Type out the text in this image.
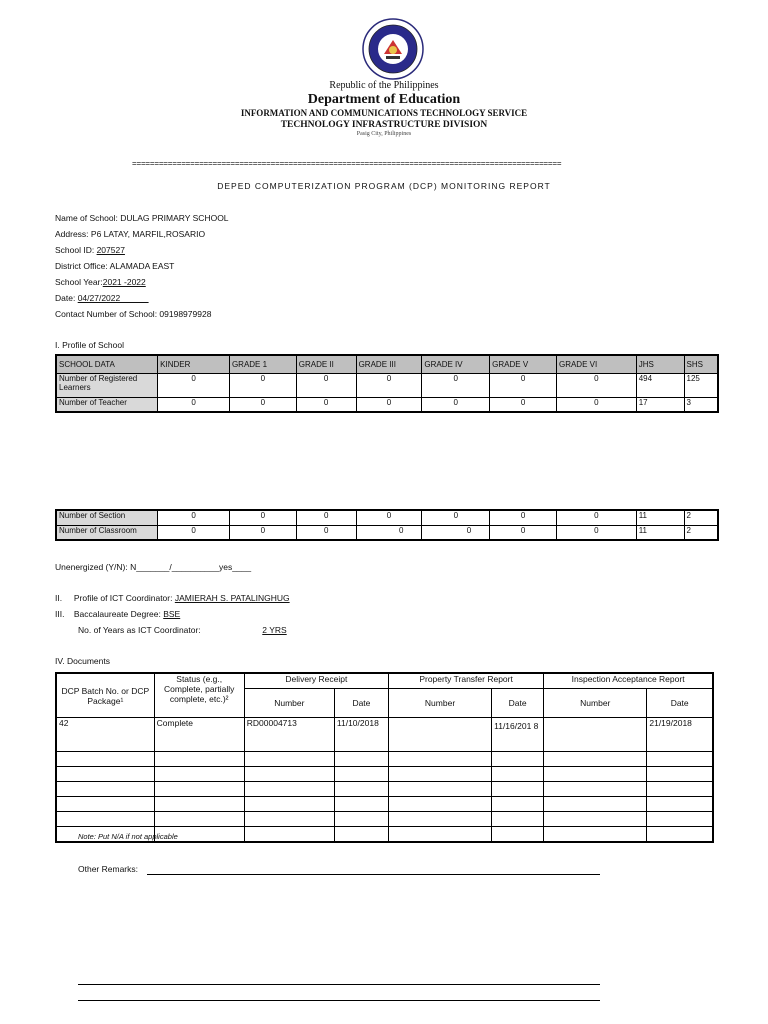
Republic of the Philippines
Department of Education
INFORMATION AND COMMUNICATIONS TECHNOLOGY SERVICE
TECHNOLOGY INFRASTRUCTURE DIVISION
Pasig City, Philippines
================================================================================================
DEPED COMPUTERIZATION PROGRAM (DCP) MONITORING REPORT
Name of School: DULAG PRIMARY SCHOOL
Address: P6 LATAY, MARFIL,ROSARIO
School ID: 207527
District Office: ALAMADA EAST
School Year:2021 -2022
Date: 04/27/2022
Contact Number of School: 09198979928
I. Profile of School
SCHOOL DATA	KINDER	GRADE 1	GRADE II	GRADE III	GRADE IV	GRADE V	GRADE VI	JHS	SHS
Number of Registered Learners	0	0	0	0	0	0	0	494	125
Number of Teacher	0	0	0	0	0	0	0	17	3
Number of Section	0	0	0	0	0	0	0	11	2
Number of Classroom	0	0	0	0	0	0	0	11	2
Unenergized (Y/N): N_______/__________yes____
II.     Profile of ICT Coordinator: JAMIERAH S. PATALINGHUG
III.    Baccalaureate Degree: BSE
No. of Years as ICT Coordinator:	2 YRS
IV. Documents
DCP Batch No. or DCP Package¹	Status (e.g., Complete, partially complete, etc.)²	Delivery Receipt		Property Transfer Report		Inspection Acceptance Report	
		Number	Date	Number	Date	Number	Date
42	Complete	RD00004713	11/10/2018		11/16/201 8		21/19/2018

Note: Put N/A if not applicable
Other Remarks:
